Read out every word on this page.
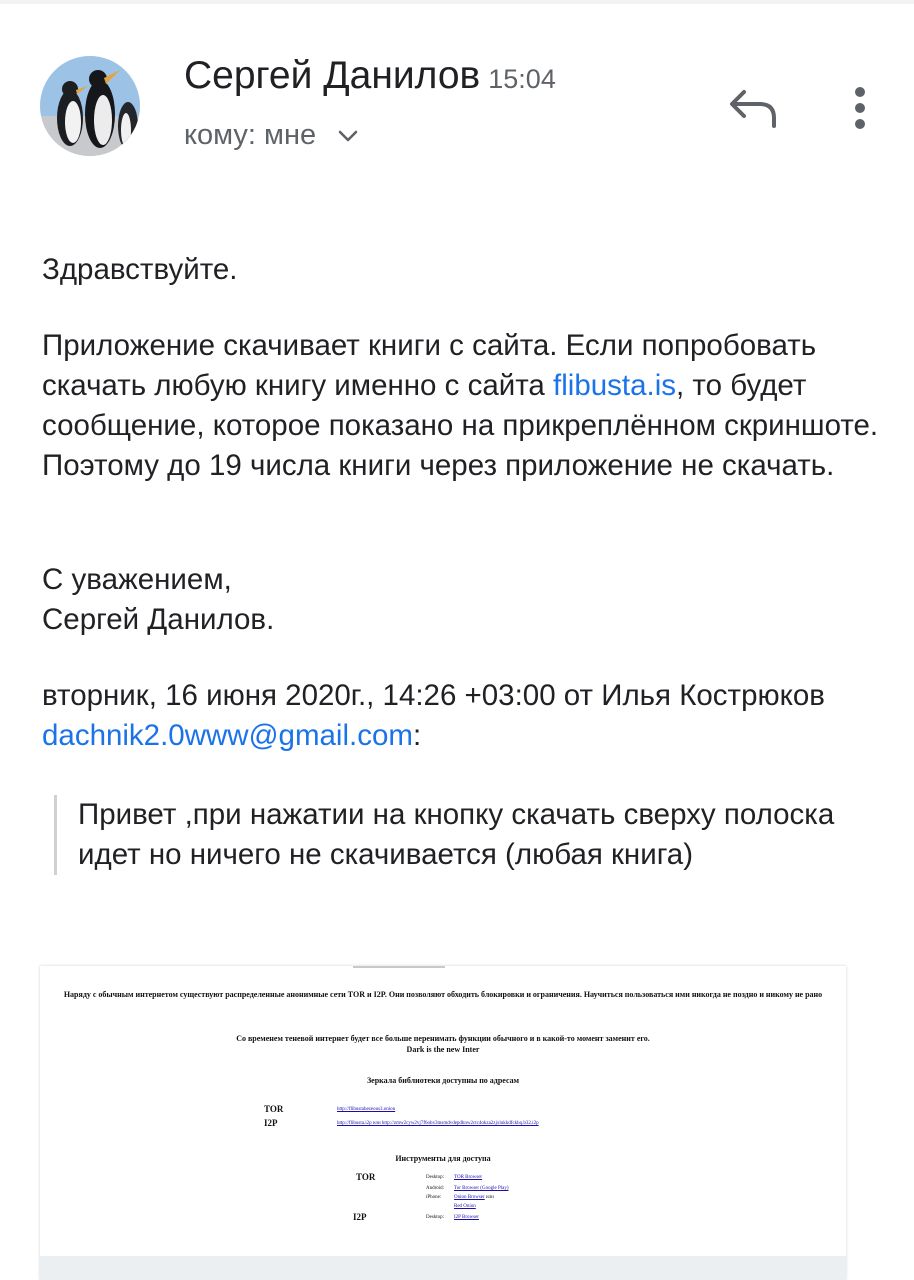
Сергей Данилов 15:04
кому: мне
Здравствуйте.
Приложение скачивает книги с сайта. Если попробовать скачать любую книгу именно с сайта flibusta.is, то будет сообщение, которое показано на прикреплённом скриншоте. Поэтому до 19 числа книги через приложение не скачать.
С уважением,
Сергей Данилов.
вторник, 16 июня 2020г., 14:26 +03:00 от Илья Кострюков dachnik2.0www@gmail.com:
Привет ,при нажатии на кнопку скачать сверху полоска идет но ничего не скачивается (любая книга)
Наряду с обычным интернетом существуют распределенные анонимные сети TOR и I2P. Они позволяют обходить блокировки и ограничения. Научиться пользоваться ими никогда не поздно и никому не рано
Со временем теневой интернет будет все больше перенимать функции обычного и в какой-то момент заменит его.
Dark is the new Inter
Зеркала библиотеки доступны по адресам
TOR	http://flibustahezeous3.onion
I2P	http://flibusta.i2p или http://zmw2cyw2vj7f6obx3msmdvdepdhnw2ctc4okza2zjxlukkdfckhq.b32.i2p
Инструменты для доступа
TOR	Desktop: TOR Browser
Android: Tor Browser (Google Play)
iPhone:	Onion Browser или
Red Onion
I2P	Desktop: I2P Browser
